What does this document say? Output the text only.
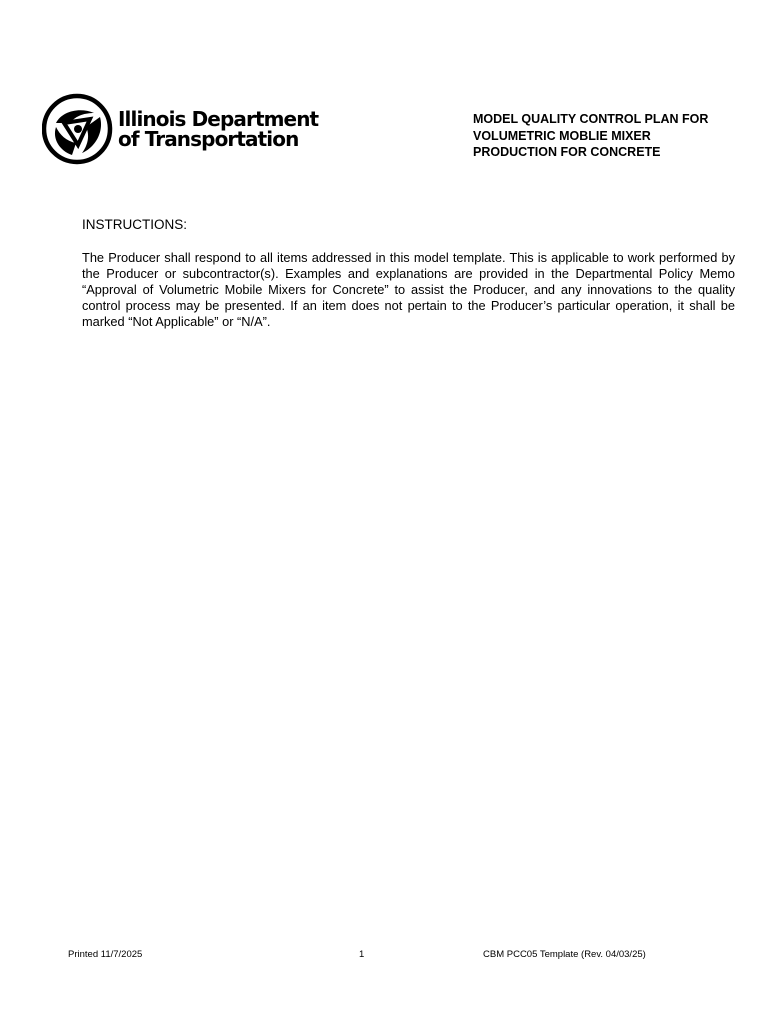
Illinois Department
of Transportation
MODEL QUALITY CONTROL PLAN FOR
VOLUMETRIC MOBLIE MIXER
PRODUCTION FOR CONCRETE
INSTRUCTIONS:
The Producer shall respond to all items addressed in this model template. This is applicable to work performed by the Producer or subcontractor(s). Examples and explanations are provided in the Departmental Policy Memo “Approval of Volumetric Mobile Mixers for Concrete” to assist the Producer, and any innovations to the quality control process may be presented. If an item does not pertain to the Producer’s particular operation, it shall be marked “Not Applicable” or “N/A”.
Printed 11/7/2025	1	CBM PCC05 Template (Rev. 04/03/25)
